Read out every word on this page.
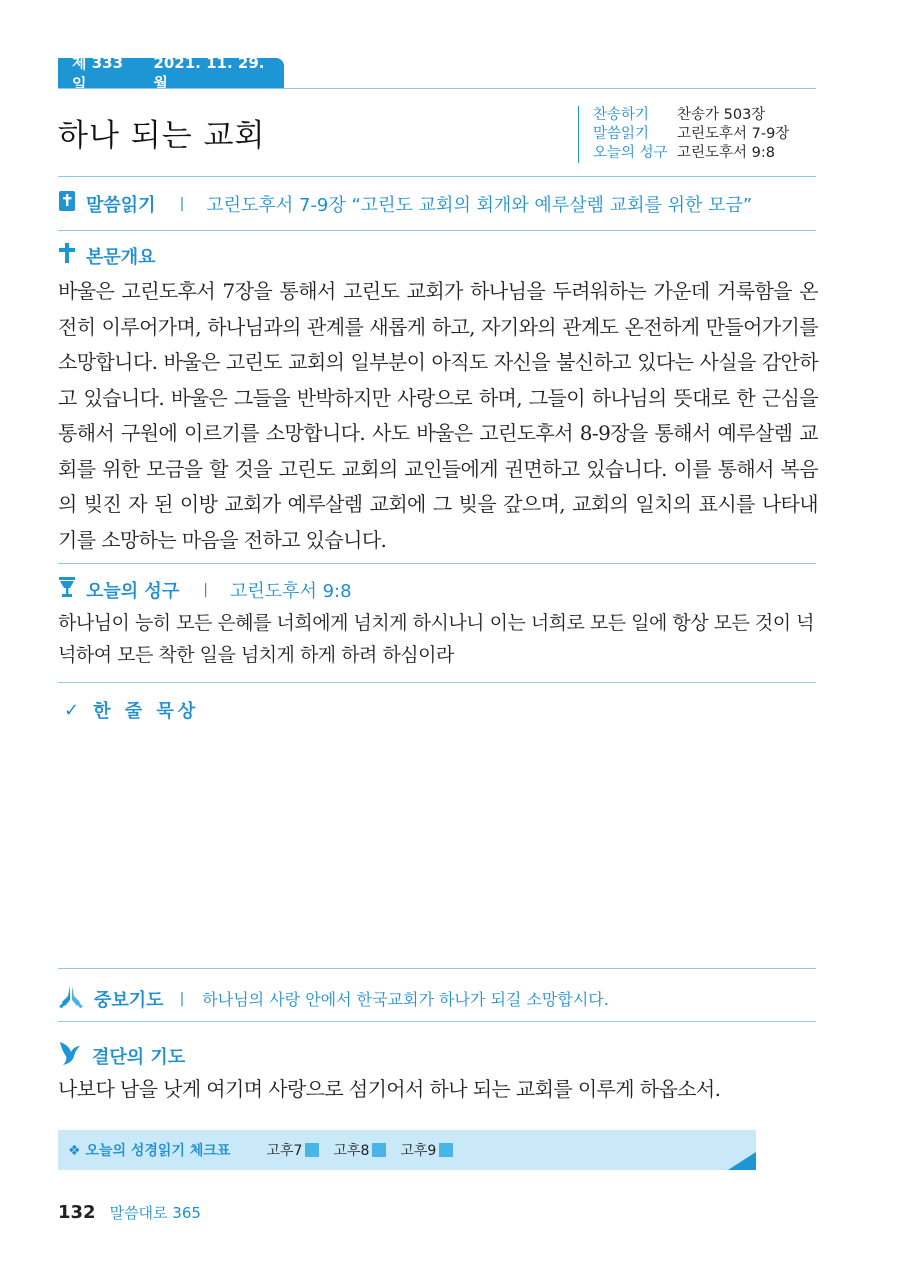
제 333일
2021. 11. 29. 월
하나 되는 교회
찬송하기	찬송가 503장
말씀읽기	고린도후서 7-9장
오늘의 성구 고린도후서 9:8
말씀읽기 | 고린도후서 7-9장 “고린도 교회의 회개와 예루살렘 교회를 위한 모금”
본문개요
바울은 고린도후서 7장을 통해서 고린도 교회가 하나님을 두려워하는 가운데 거룩함을 온전히 이루어가며, 하나님과의 관계를 새롭게 하고, 자기와의 관계도 온전하게 만들어가기를 소망합니다. 바울은 고린도 교회의 일부분이 아직도 자신을 불신하고 있다는 사실을 감안하고 있습니다. 바울은 그들을 반박하지만 사랑으로 하며, 그들이 하나님의 뜻대로 한 근심을 통해서 구원에 이르기를 소망합니다. 사도 바울은 고린도후서 8-9장을 통해서 예루살렘 교회를 위한 모금을 할 것을 고린도 교회의 교인들에게 권면하고 있습니다. 이를 통해서 복음의 빚진 자 된 이방 교회가 예루살렘 교회에 그 빚을 갚으며, 교회의 일치의 표시를 나타내기를 소망하는 마음을 전하고 있습니다.
오늘의 성구 | 고린도후서 9:8
하나님이 능히 모든 은혜를 너희에게 넘치게 하시나니 이는 너희로 모든 일에 항상 모든 것이 넉넉하여 모든 착한 일을 넘치게 하게 하려 하심이라
✓ 한 줄 묵상
중보기도 | 하나님의 사랑 안에서 한국교회가 하나가 되길 소망합시다.
결단의 기도
나보다 남을 낫게 여기며 사랑으로 섬기어서 하나 되는 교회를 이루게 하옵소서.
❖ 오늘의 성경읽기 체크표	고후7 고후8 고후9
132 말씀대로 365
